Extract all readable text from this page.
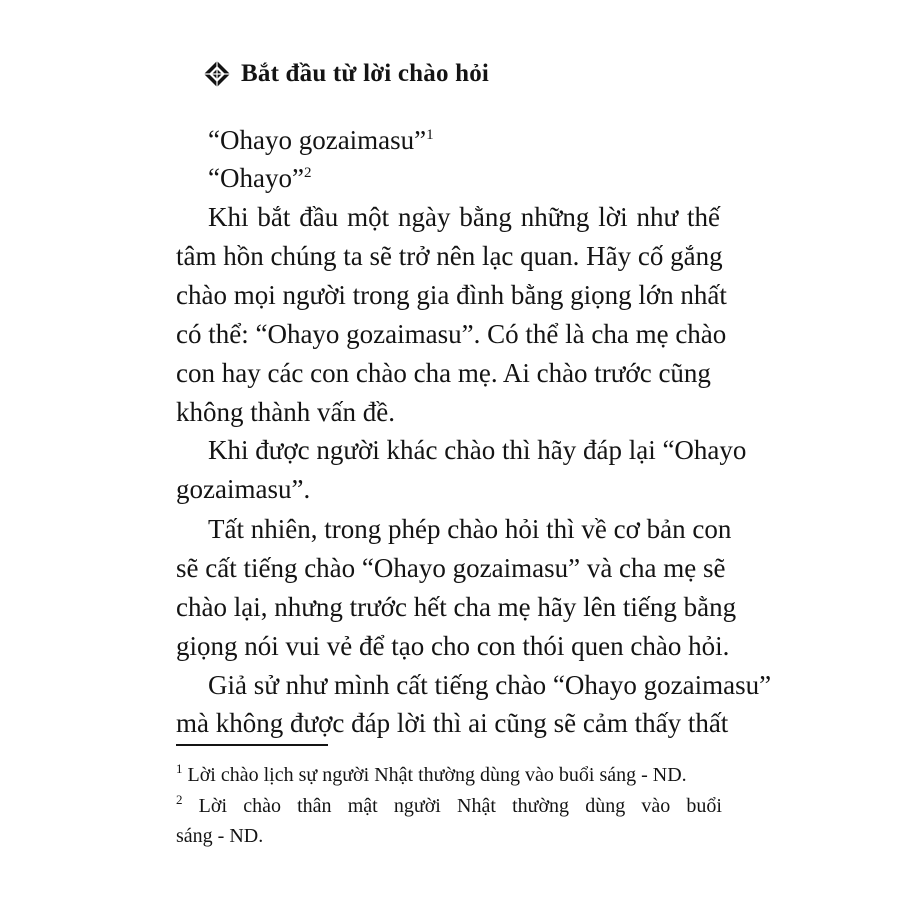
Bắt đầu từ lời chào hỏi
“Ohayo gozaimasu”$^1$
“Ohayo”$^2$
Khi bắt đầu một ngày bằng những lời như thế
tâm hồn chúng ta sẽ trở nên lạc quan. Hãy cố gắng
chào mọi người trong gia đình bằng giọng lớn nhất
có thể: “Ohayo gozaimasu”. Có thể là cha mẹ chào
con hay các con chào cha mẹ. Ai chào trước cũng
không thành vấn đề.
Khi được người khác chào thì hãy đáp lại “Ohayo
gozaimasu”.
Tất nhiên, trong phép chào hỏi thì về cơ bản con
sẽ cất tiếng chào “Ohayo gozaimasu” và cha mẹ sẽ
chào lại, nhưng trước hết cha mẹ hãy lên tiếng bằng
giọng nói vui vẻ để tạo cho con thói quen chào hỏi.
Giả sử như mình cất tiếng chào “Ohayo gozaimasu”
mà không được đáp lời thì ai cũng sẽ cảm thấy thất
$^1$ Lời chào lịch sự người Nhật thường dùng vào buổi sáng - ND.
$^2$ Lời chào thân mật người Nhật thường dùng vào buổi
sáng - ND.
